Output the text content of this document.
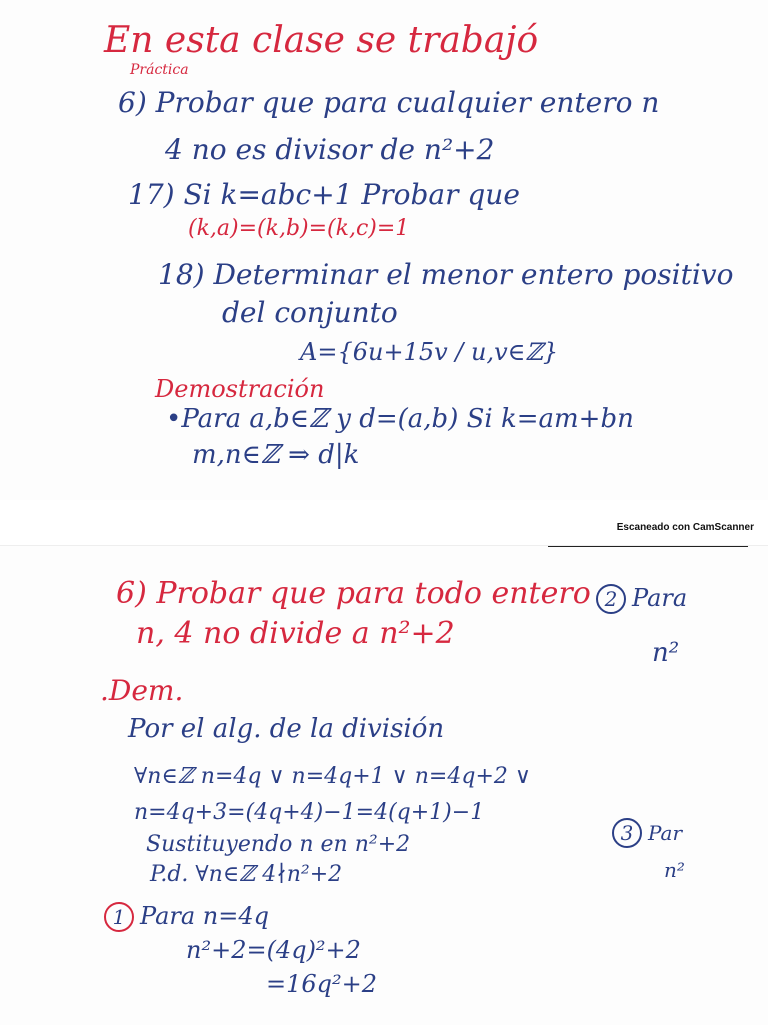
En esta clase se trabajó
Práctica
6) Probar que para cualquier entero n
4 no es divisor de n²+2
17) Si k=abc+1 Probar que
(k,a)=(k,b)=(k,c)=1
18) Determinar el menor entero positivo
del conjunto
A={6u+15v / u,v∈ℤ}
Demostración
•Para a,b∈ℤ y d=(a,b) Si k=am+bn
m,n∈ℤ ⇒ d|k
Escaneado con CamScanner
6) Probar que para todo entero
n, 4 no divide a n²+2
.Dem.
Por el alg. de la división
∀n∈ℤ n=4q ∨ n=4q+1 ∨ n=4q+2 ∨
n=4q+3=(4q+4)−1=4(q+1)−1
Sustituyendo n en n²+2
P.d. ∀n∈ℤ 4∤n²+2
1 Para n=4q
n²+2=(4q)²+2
=16q²+2
2 Para
n²
3 Par
n²
